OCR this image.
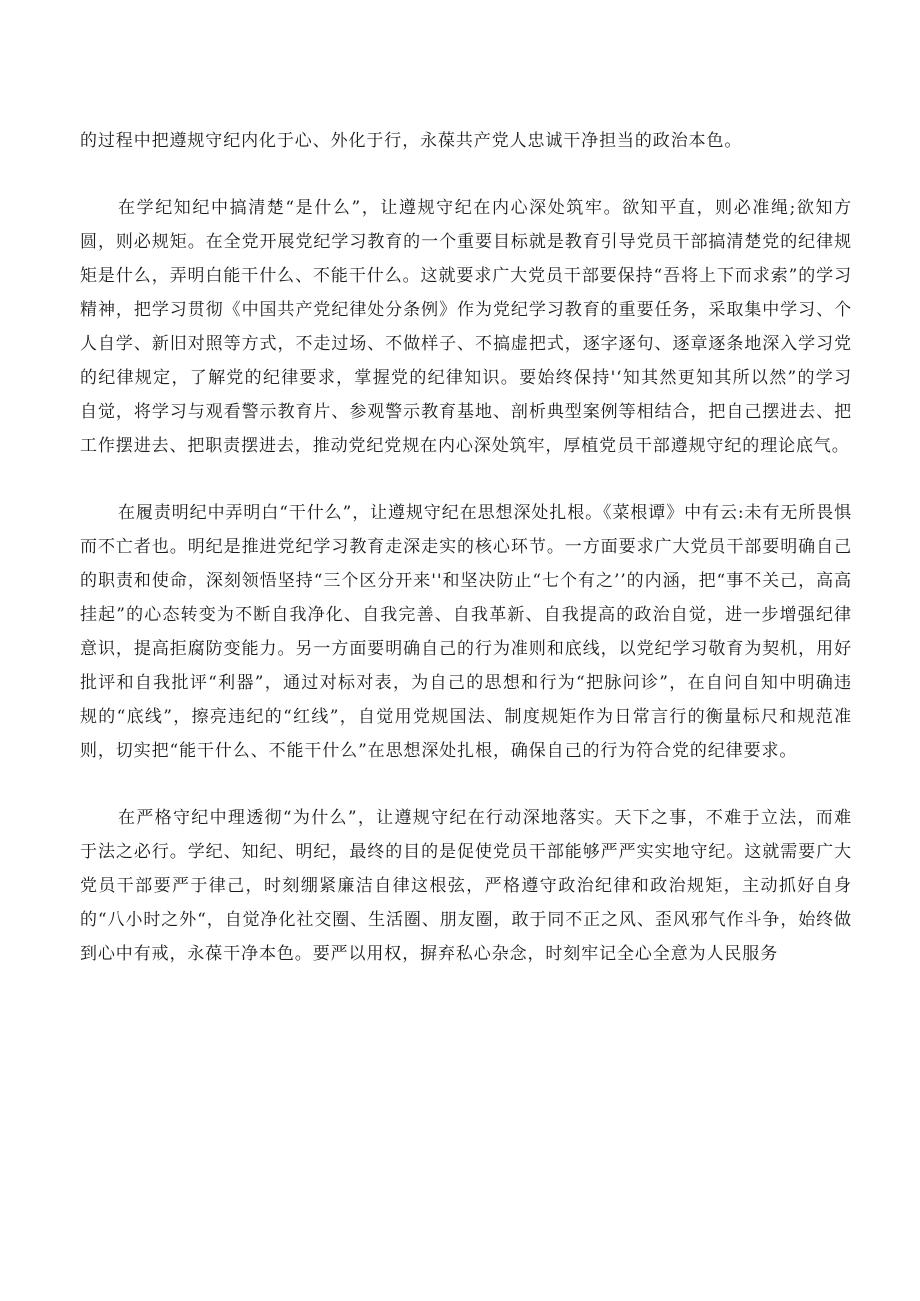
的过程中把遵规守纪内化于心、外化于行，永葆共产党人忠诚干净担当的政治本色。

在学纪知纪中搞清楚“是什么”，让遵规守纪在内心深处筑牢。欲知平直，则必准绳;欲知方圆，则必规矩。在全党开展党纪学习教育的一个重要目标就是教育引导党员干部搞清楚党的纪律规矩是什么，弄明白能干什么、不能干什么。这就要求广大党员干部要保持“吾将上下而求索”的学习精神，把学习贯彻《中国共产党纪律处分条例》作为党纪学习教育的重要任务，采取集中学习、个人自学、新旧对照等方式，不走过场、不做样子、不搞虚把式，逐字逐句、逐章逐条地深入学习党的纪律规定，了解党的纪律要求，掌握党的纪律知识。要始终保持'‘知其然更知其所以然”的学习自觉，将学习与观看警示教育片、参观警示教育基地、剖析典型案例等相结合，把自己摆进去、把工作摆进去、把职责摆进去，推动党纪党规在内心深处筑牢，厚植党员干部遵规守纪的理论底气。

在履责明纪中弄明白“干什么”，让遵规守纪在思想深处扎根。《菜根谭》中有云:未有无所畏惧而不亡者也。明纪是推进党纪学习教育走深走实的核心环节。一方面要求广大党员干部要明确自己的职责和使命，深刻领悟坚持“三个区分开来''和坚决防止“七个有之’’的内涵，把“事不关己，高高挂起”的心态转变为不断自我净化、自我完善、自我革新、自我提高的政治自觉，进一步增强纪律意识，提高拒腐防变能力。另一方面要明确自己的行为准则和底线，以党纪学习敬育为契机，用好批评和自我批评“利器”，通过对标对表，为自己的思想和行为“把脉问诊”，在自问自知中明确违规的“底线”，擦亮违纪的“红线”，自觉用党规国法、制度规矩作为日常言行的衡量标尺和规范准则，切实把“能干什么、不能干什么”在思想深处扎根，确保自己的行为符合党的纪律要求。

在严格守纪中理透彻“为什么”，让遵规守纪在行动深地落实。天下之事，不难于立法，而难于法之必行。学纪、知纪、明纪，最终的目的是促使党员干部能够严严实实地守纪。这就需要广大党员干部要严于律己，时刻绷紧廉洁自律这根弦，严格遵守政治纪律和政治规矩，主动抓好自身的“八小时之外“，自觉净化社交圈、生活圈、朋友圈，敢于同不正之风、歪风邪气作斗争，始终做到心中有戒，永葆干净本色。要严以用权，摒弃私心杂念，时刻牢记全心全意为人民服务
